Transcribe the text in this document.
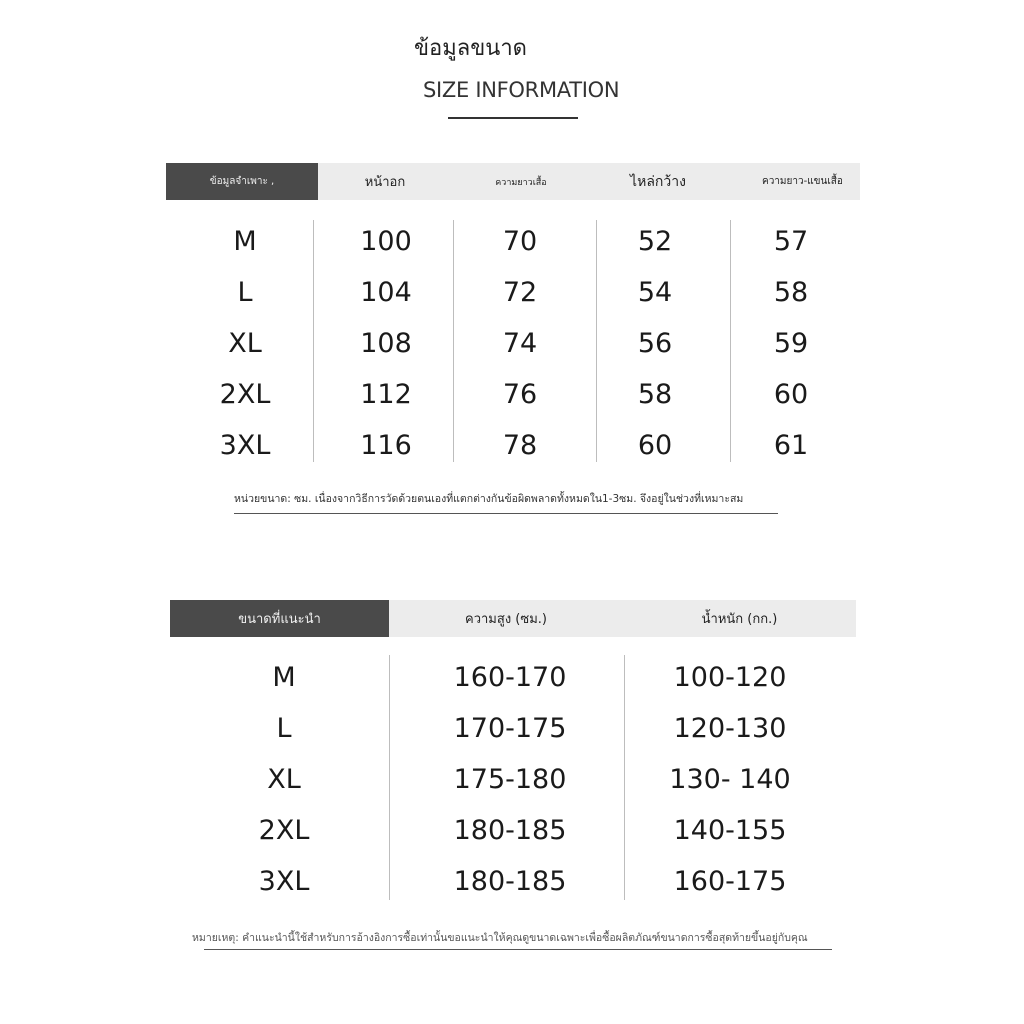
ข้อมูลขนาด
SIZE INFORMATION
ข้อมูลจำเพาะ ,	หน้าอก	ความยาวเสื้อ	ไหล่กว้าง	ความยาว-แขนเสื้อ
M	100	70	52	57
L	104	72	54	58
XL	108	74	56	59
2XL	112	76	58	60
3XL	116	78	60	61
หน่วยขนาด: ซม. เนื่องจากวิธีการวัดด้วยตนเองที่แตกต่างกันข้อผิดพลาดทั้งหมดใน1-3ซม. จึงอยู่ในช่วงที่เหมาะสม
ขนาดที่แนะนำ	ความสูง (ซม.)	น้ำหนัก (กก.)
M	160-170	100-120
L	170-175	120-130
XL	175-180	130- 140
2XL	180-185	140-155
3XL	180-185	160-175
หมายเหตุ: คำแนะนำนี้ใช้สำหรับการอ้างอิงการซื้อเท่านั้นขอแนะนำให้คุณดูขนาดเฉพาะเพื่อซื้อผลิตภัณฑ์ขนาดการซื้อสุดท้ายขึ้นอยู่กับคุณ
